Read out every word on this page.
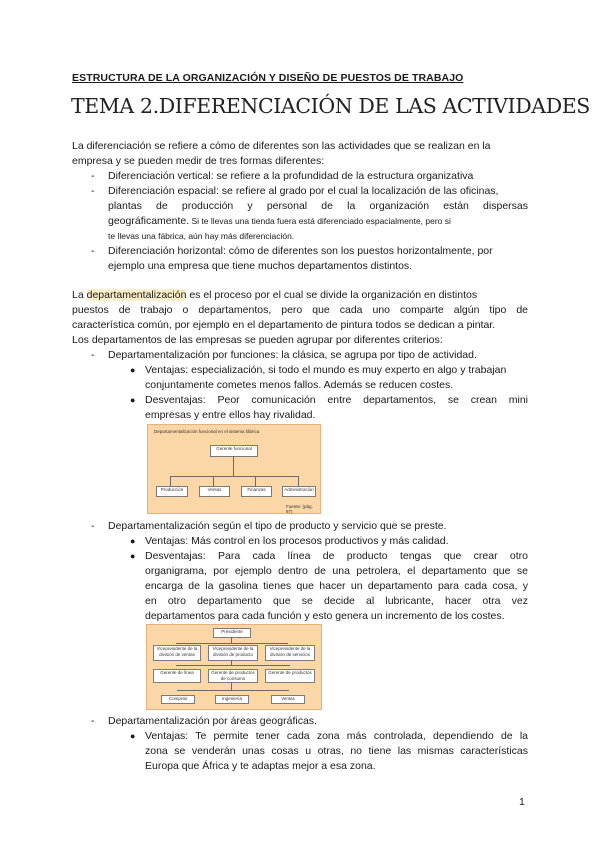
ESTRUCTURA DE LA ORGANIZACIÓN Y DISEÑO DE PUESTOS DE TRABAJO
TEMA 2.DIFERENCIACIÓN DE LAS ACTIVIDADES
La diferenciación se refiere a cómo de diferentes son las actividades que se realizan en la
empresa y se pueden medir de tres formas diferentes:
- Diferenciación vertical: se refiere a la profundidad de la estructura organizativa
- Diferenciación espacial: se refiere al grado por el cual la localización de las oficinas,
plantas de producción y personal de la organización están dispersas
geográficamente. Si te llevas una tienda fuera está diferenciado espacialmente, pero si
te llevas una fábrica, aún hay más diferenciación.
- Diferenciación horizontal: cómo de diferentes son los puestos horizontalmente, por
ejemplo una empresa que tiene muchos departamentos distintos.
La departamentalización es el proceso por el cual se divide la organización en distintos
puestos de trabajo o departamentos, pero que cada uno comparte algún tipo de
característica común, por ejemplo en el departamento de pintura todos se dedican a pintar.
Los departamentos de las empresas se pueden agrupar por diferentes criterios:
- Departamentalización por funciones: la clásica, se agrupa por tipo de actividad.
● Ventajas: especialización, si todo el mundo es muy experto en algo y trabajan
conjuntamente cometes menos fallos. Además se reducen costes.
● Desventajas: Peor comunicación entre departamentos, se crean mini
empresas y entre ellos hay rivalidad.
Departamentalización funcional en el sistema fábrica
Gerente funcional
Producción	Ventas	Finanzas	Administración
Fuente: (pág. 87)
- Departamentalización según el tipo de producto y servicio que se preste.
● Ventajas: Más control en los procesos productivos y más calidad.
● Desventajas: Para cada línea de producto tengas que crear otro
organigrama, por ejemplo dentro de una petrolera, el departamento que se
encarga de la gasolina tienes que hacer un departamento para cada cosa, y
en otro departamento que se decide al lubricante, hacer otra vez
departamentos para cada función y esto genera un incremento de los costes.
Presidente
Vicepresidente de la división de ventas
Vicepresidente de la división de producto
Vicepresidente de la división de servicios
Gerente de línea	Gerente de productos de consumo
Gerente de productos
Compras	Ingeniería	Ventas
- Departamentalización por áreas geográficas.
● Ventajas: Te permite tener cada zona más controlada, dependiendo de la
zona se venderán unas cosas u otras, no tiene las mismas características
Europa que África y te adaptas mejor a esa zona.
1
